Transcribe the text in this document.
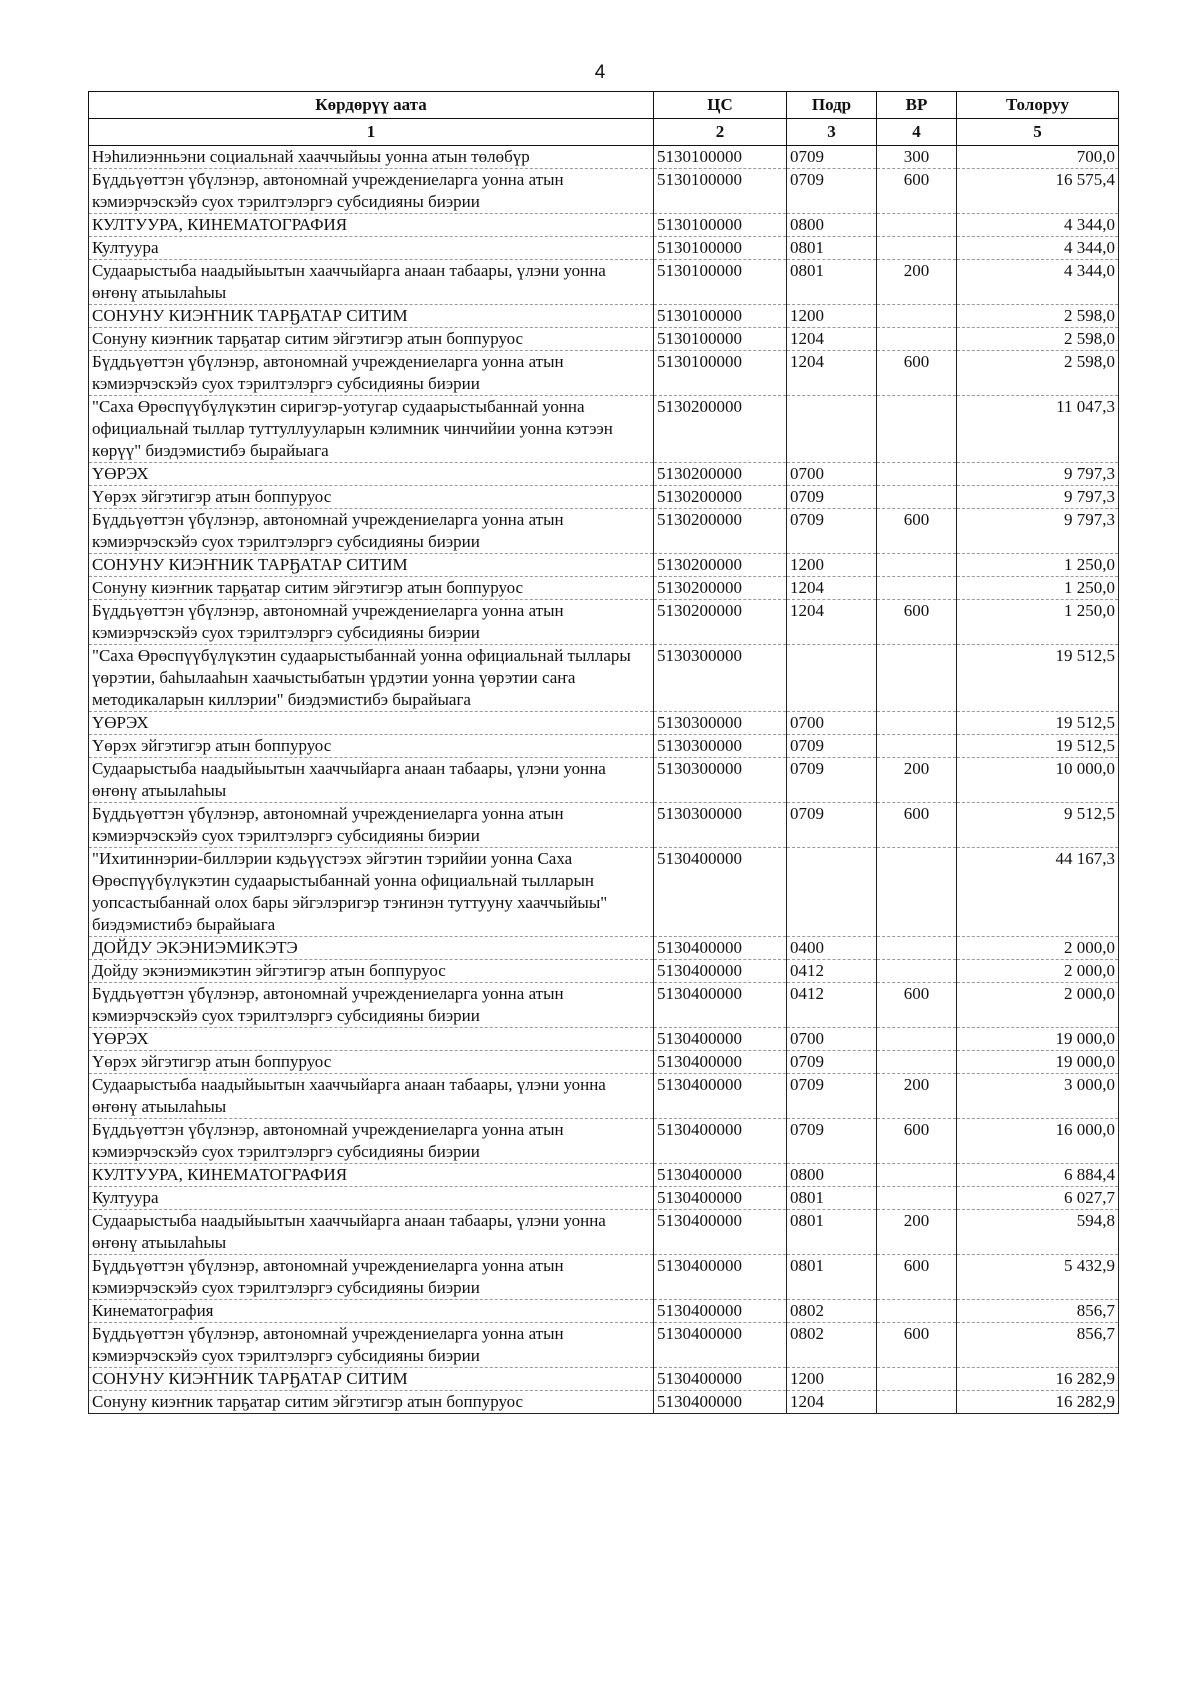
4
Көрдөрүү аата	ЦС	Подр	ВР	Толоруу
1	2	3	4	5
Нэһилиэнньэни социальнай хааччыйыы уонна атын төлөбүр	5130100000	0709	300	700,0
Бүддьүөттэн үбүлэнэр, автономнай учреждениеларга уонна атын кэмиэрчэскэйэ суох тэрилтэлэргэ субсидияны биэрии	5130100000	0709	600	16 575,4
КУЛТУУРА, КИНЕМАТОГРАФИЯ	5130100000	0800		4 344,0
Култуура	5130100000	0801		4 344,0
Судаарыстыба наадыйыытын хааччыйарга анаан табаары, үлэни уонна өҥөнү атыылаһыы	5130100000	0801	200	4 344,0
СОНУНУ КИЭҤНИК ТАРҔАТАР СИТИМ	5130100000	1200		2 598,0
Сонуну киэҥник тарҕатар ситим эйгэтигэр атын боппуруос	5130100000	1204		2 598,0
Бүддьүөттэн үбүлэнэр, автономнай учреждениеларга уонна атын кэмиэрчэскэйэ суох тэрилтэлэргэ субсидияны биэрии	5130100000	1204	600	2 598,0
"Саха Өрөспүүбүлүкэтин сиригэр-уотугар судаарыстыбаннай уонна официальнай тыллар туттуллууларын кэлимник чинчийии уонна кэтээн көрүү" биэдэмистибэ бырайыага	5130200000			11 047,3
ҮӨРЭХ	5130200000	0700		9 797,3
Үөрэх эйгэтигэр атын боппуруос	5130200000	0709		9 797,3
Бүддьүөттэн үбүлэнэр, автономнай учреждениеларга уонна атын кэмиэрчэскэйэ суох тэрилтэлэргэ субсидияны биэрии	5130200000	0709	600	9 797,3
СОНУНУ КИЭҤНИК ТАРҔАТАР СИТИМ	5130200000	1200		1 250,0
Сонуну киэҥник тарҕатар ситим эйгэтигэр атын боппуруос	5130200000	1204		1 250,0
Бүддьүөттэн үбүлэнэр, автономнай учреждениеларга уонна атын кэмиэрчэскэйэ суох тэрилтэлэргэ субсидияны биэрии	5130200000	1204	600	1 250,0
"Саха Өрөспүүбүлүкэтин судаарыстыбаннай уонна официальнай тыллары үөрэтии, баһылааһын хаачыстыбатын үрдэтии уонна үөрэтии саҥа методикаларын киллэрии" биэдэмистибэ бырайыага	5130300000			19 512,5
ҮӨРЭХ	5130300000	0700		19 512,5
Үөрэх эйгэтигэр атын боппуруос	5130300000	0709		19 512,5
Судаарыстыба наадыйыытын хааччыйарга анаан табаары, үлэни уонна өҥөнү атыылаһыы	5130300000	0709	200	10 000,0
Бүддьүөттэн үбүлэнэр, автономнай учреждениеларга уонна атын кэмиэрчэскэйэ суох тэрилтэлэргэ субсидияны биэрии	5130300000	0709	600	9 512,5
"Ихитиннэрии-биллэрии кэдьүүстээх эйгэтин тэрийии уонна Саха Өрөспүүбүлүкэтин судаарыстыбаннай уонна официальнай тылларын уопсастыбаннай олох бары эйгэлэригэр тэҥинэн туттууну хааччыйыы" биэдэмистибэ бырайыага	5130400000			44 167,3
ДОЙДУ ЭКЭНИЭМИКЭТЭ	5130400000	0400		2 000,0
Дойду экэниэмикэтин эйгэтигэр атын боппуруос	5130400000	0412		2 000,0
Бүддьүөттэн үбүлэнэр, автономнай учреждениеларга уонна атын кэмиэрчэскэйэ суох тэрилтэлэргэ субсидияны биэрии	5130400000	0412	600	2 000,0
ҮӨРЭХ	5130400000	0700		19 000,0
Үөрэх эйгэтигэр атын боппуруос	5130400000	0709		19 000,0
Судаарыстыба наадыйыытын хааччыйарга анаан табаары, үлэни уонна өҥөнү атыылаһыы	5130400000	0709	200	3 000,0
Бүддьүөттэн үбүлэнэр, автономнай учреждениеларга уонна атын кэмиэрчэскэйэ суох тэрилтэлэргэ субсидияны биэрии	5130400000	0709	600	16 000,0
КУЛТУУРА, КИНЕМАТОГРАФИЯ	5130400000	0800		6 884,4
Култуура	5130400000	0801		6 027,7
Судаарыстыба наадыйыытын хааччыйарга анаан табаары, үлэни уонна өҥөнү атыылаһыы	5130400000	0801	200	594,8
Бүддьүөттэн үбүлэнэр, автономнай учреждениеларга уонна атын кэмиэрчэскэйэ суох тэрилтэлэргэ субсидияны биэрии	5130400000	0801	600	5 432,9
Кинематография	5130400000	0802		856,7
Бүддьүөттэн үбүлэнэр, автономнай учреждениеларга уонна атын кэмиэрчэскэйэ суох тэрилтэлэргэ субсидияны биэрии	5130400000	0802	600	856,7
СОНУНУ КИЭҤНИК ТАРҔАТАР СИТИМ	5130400000	1200		16 282,9
Сонуну киэҥник тарҕатар ситим эйгэтигэр атын боппуруос	5130400000	1204		16 282,9
